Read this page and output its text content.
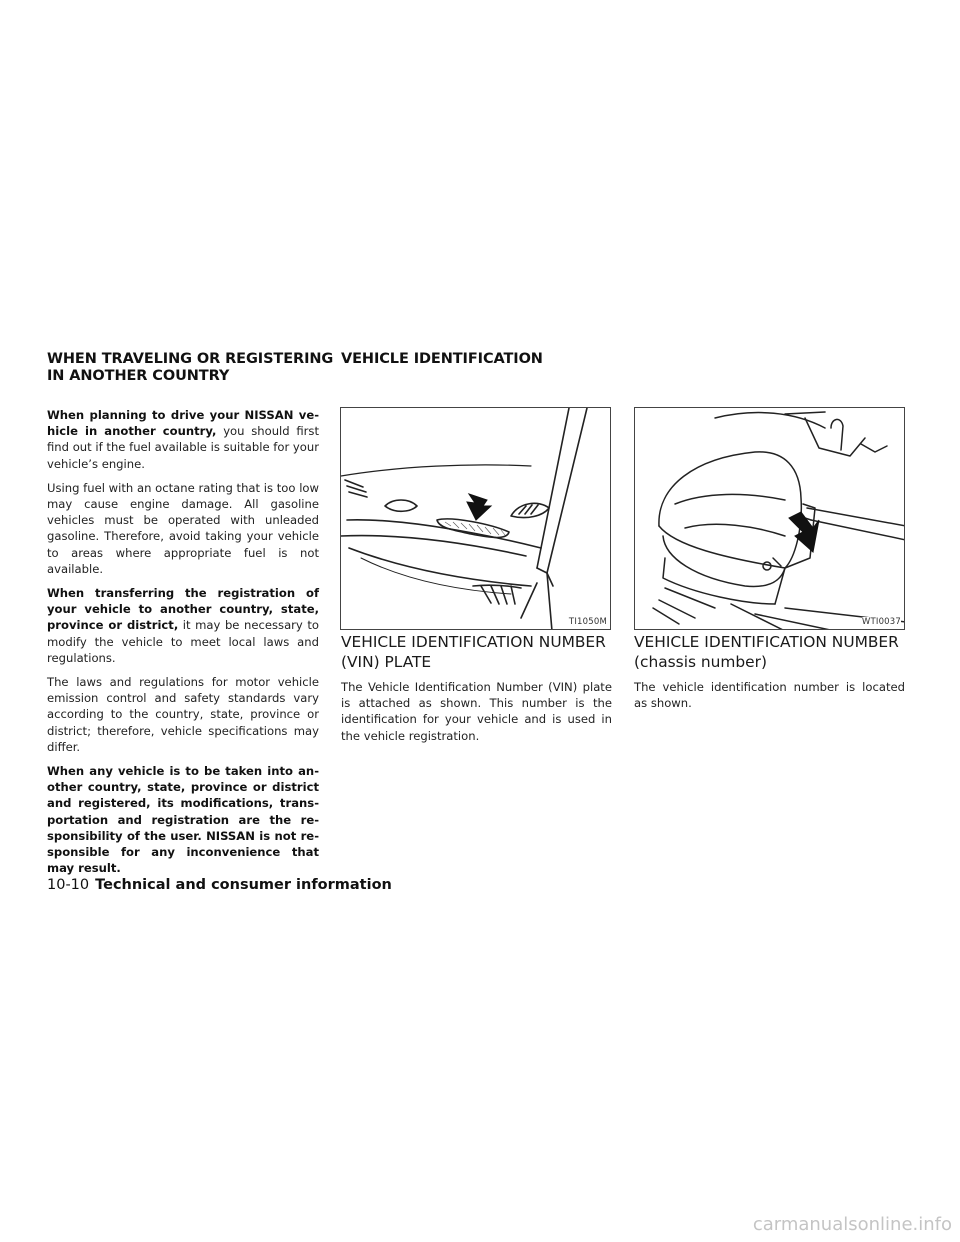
WHEN TRAVELING OR REGISTERING
IN ANOTHER COUNTRY
VEHICLE IDENTIFICATION

When planning to drive your NISSAN vehicle in another country, you should first find out if the fuel available is suitable for your vehicle’s engine.

Using fuel with an octane rating that is too low may cause engine damage. All gasoline vehicles must be operated with unleaded gasoline. Therefore, avoid taking your vehicle to areas where appropriate fuel is not available.

When transferring the registration of your vehicle to another country, state, province or district, it may be necessary to modify the vehicle to meet local laws and regulations.

The laws and regulations for motor vehicle emission control and safety standards vary according to the country, state, province or district; therefore, vehicle specifications may differ.

When any vehicle is to be taken into another country, state, province or district and registered, its modifications, transportation and registration are the responsibility of the user. NISSAN is not responsible for any inconvenience that may result.

TI1050M	WTI0037
VEHICLE IDENTIFICATION NUMBER
(VIN) PLATE
The Vehicle Identification Number (VIN) plate is attached as shown. This number is the identification for your vehicle and is used in the vehicle registration.
VEHICLE IDENTIFICATION NUMBER
(chassis number)
The vehicle identification number is located as shown.
10-10 Technical and consumer information
carmanualsonline.info
